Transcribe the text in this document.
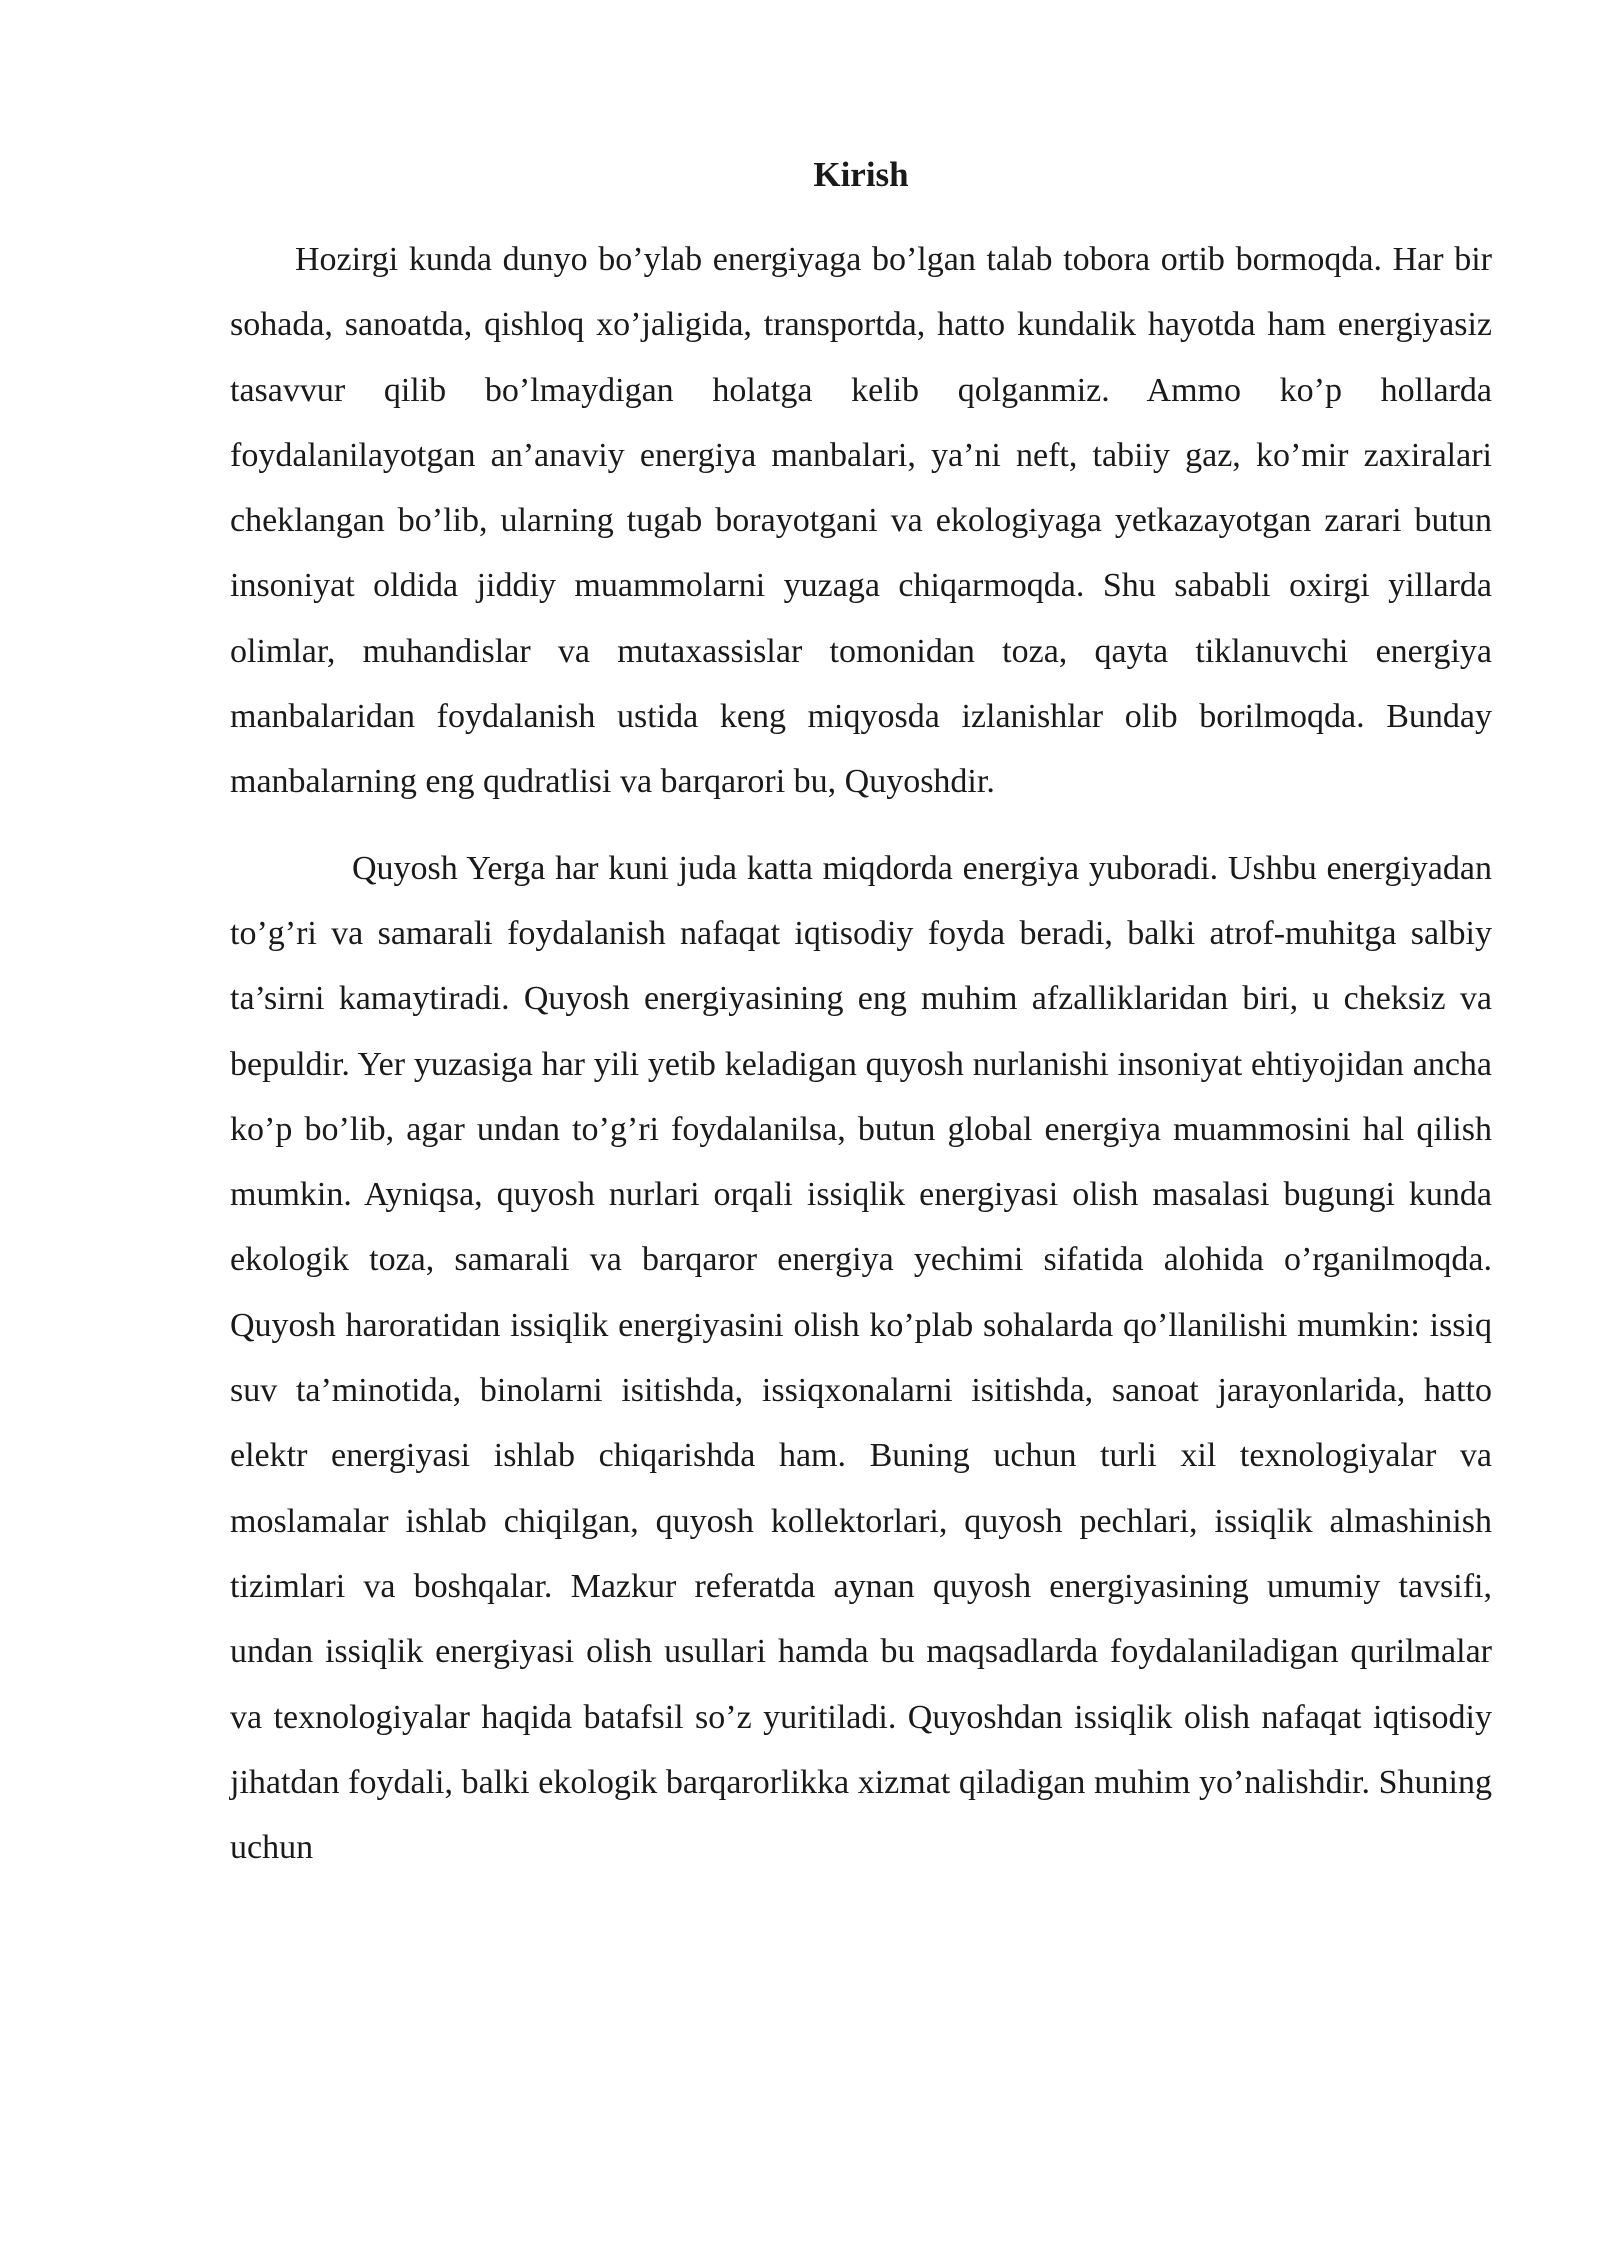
Kirish

Hozirgi kunda dunyo bo’ylab energiyaga bo’lgan talab tobora ortib bormoqda. Har bir sohada, sanoatda, qishloq xo’jaligida, transportda, hatto kundalik hayotda ham energiyasiz tasavvur qilib bo’lmaydigan holatga kelib qolganmiz. Ammo ko’p hollarda foydalanilayotgan an’anaviy energiya manbalari, ya’ni neft, tabiiy gaz, ko’mir zaxiralari cheklangan bo’lib, ularning tugab borayotgani va ekologiyaga yetkazayotgan zarari butun insoniyat oldida jiddiy muammolarni yuzaga chiqarmoqda. Shu sababli oxirgi yillarda olimlar, muhandislar va mutaxassislar tomonidan toza, qayta tiklanuvchi energiya manbalaridan foydalanish ustida keng miqyosda izlanishlar olib borilmoqda. Bunday manbalarning eng qudratlisi va barqarori bu, Quyoshdir.

Quyosh Yerga har kuni juda katta miqdorda energiya yuboradi. Ushbu energiyadan to’g’ri va samarali foydalanish nafaqat iqtisodiy foyda beradi, balki atrof-muhitga salbiy ta’sirni kamaytiradi. Quyosh energiyasining eng muhim afzalliklaridan biri, u cheksiz va bepuldir. Yer yuzasiga har yili yetib keladigan quyosh nurlanishi insoniyat ehtiyojidan ancha ko’p bo’lib, agar undan to’g’ri foydalanilsa, butun global energiya muammosini hal qilish mumkin. Ayniqsa, quyosh nurlari orqali issiqlik energiyasi olish masalasi bugungi kunda ekologik toza, samarali va barqaror energiya yechimi sifatida alohida o’rganilmoqda. Quyosh haroratidan issiqlik energiyasini olish ko’plab sohalarda qo’llanilishi mumkin: issiq suv ta’minotida, binolarni isitishda, issiqxonalarni isitishda, sanoat jarayonlarida, hatto elektr energiyasi ishlab chiqarishda ham. Buning uchun turli xil texnologiyalar va moslamalar ishlab chiqilgan, quyosh kollektorlari, quyosh pechlari, issiqlik almashinish tizimlari va boshqalar. Mazkur referatda aynan quyosh energiyasining umumiy tavsifi, undan issiqlik energiyasi olish usullari hamda bu maqsadlarda foydalaniladigan qurilmalar va texnologiyalar haqida batafsil so’z yuritiladi. Quyoshdan issiqlik olish nafaqat iqtisodiy jihatdan foydali, balki ekologik barqarorlikka xizmat qiladigan muhim yo’nalishdir. Shuning uchun
